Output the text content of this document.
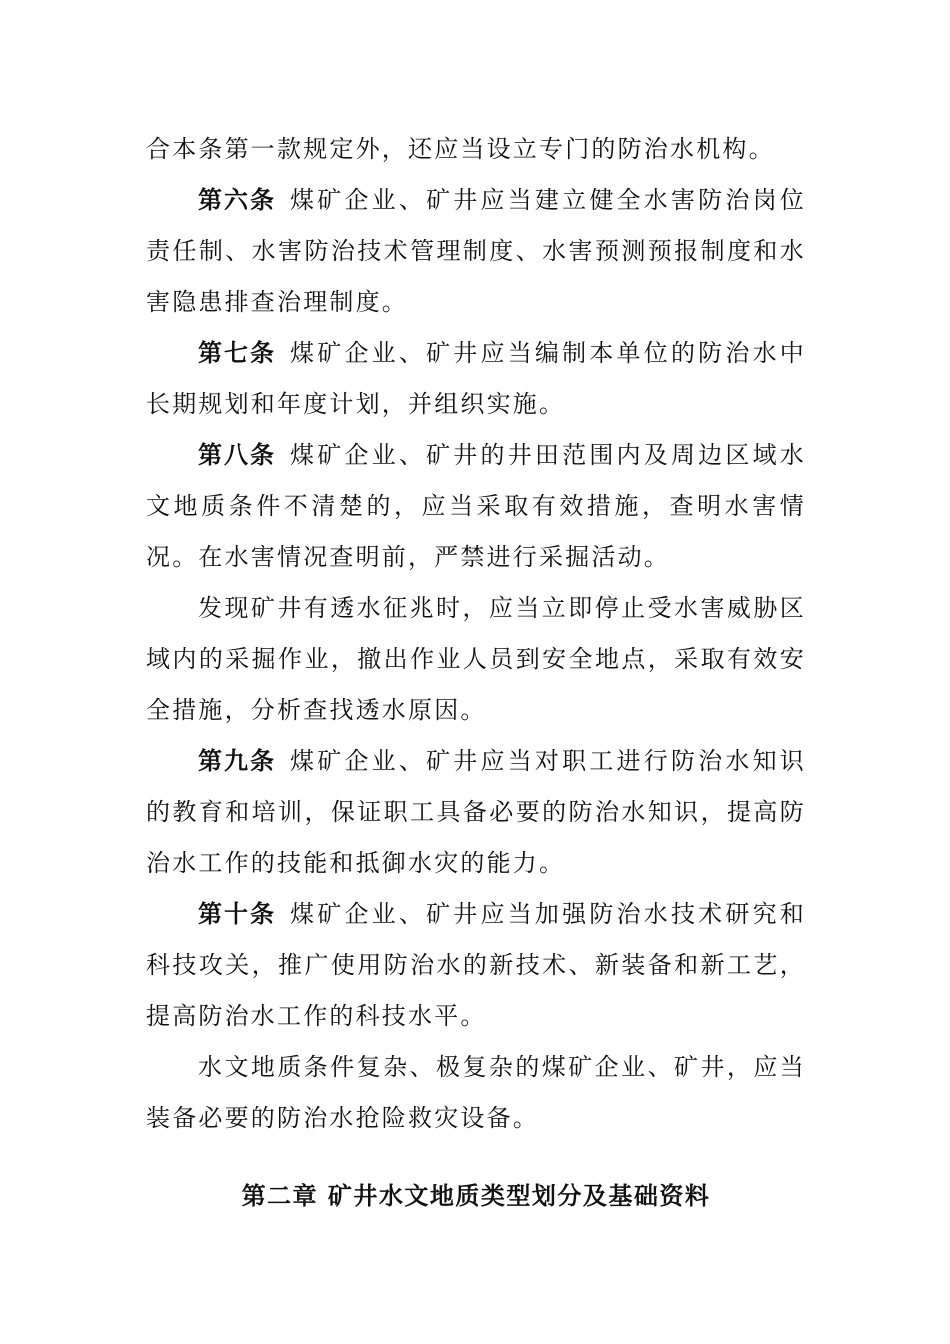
合本条第一款规定外，还应当设立专门的防治水机构。

第六条 煤矿企业、矿井应当建立健全水害防治岗位责任制、水害防治技术管理制度、水害预测预报制度和水害隐患排查治理制度。

第七条 煤矿企业、矿井应当编制本单位的防治水中长期规划和年度计划，并组织实施。

第八条 煤矿企业、矿井的井田范围内及周边区域水文地质条件不清楚的，应当采取有效措施，查明水害情况。在水害情况查明前，严禁进行采掘活动。

发现矿井有透水征兆时，应当立即停止受水害威胁区域内的采掘作业，撤出作业人员到安全地点，采取有效安全措施，分析查找透水原因。

第九条 煤矿企业、矿井应当对职工进行防治水知识的教育和培训，保证职工具备必要的防治水知识，提高防治水工作的技能和抵御水灾的能力。

第十条 煤矿企业、矿井应当加强防治水技术研究和科技攻关，推广使用防治水的新技术、新装备和新工艺，提高防治水工作的科技水平。

水文地质条件复杂、极复杂的煤矿企业、矿井，应当装备必要的防治水抢险救灾设备。

第二章 矿井水文地质类型划分及基础资料
